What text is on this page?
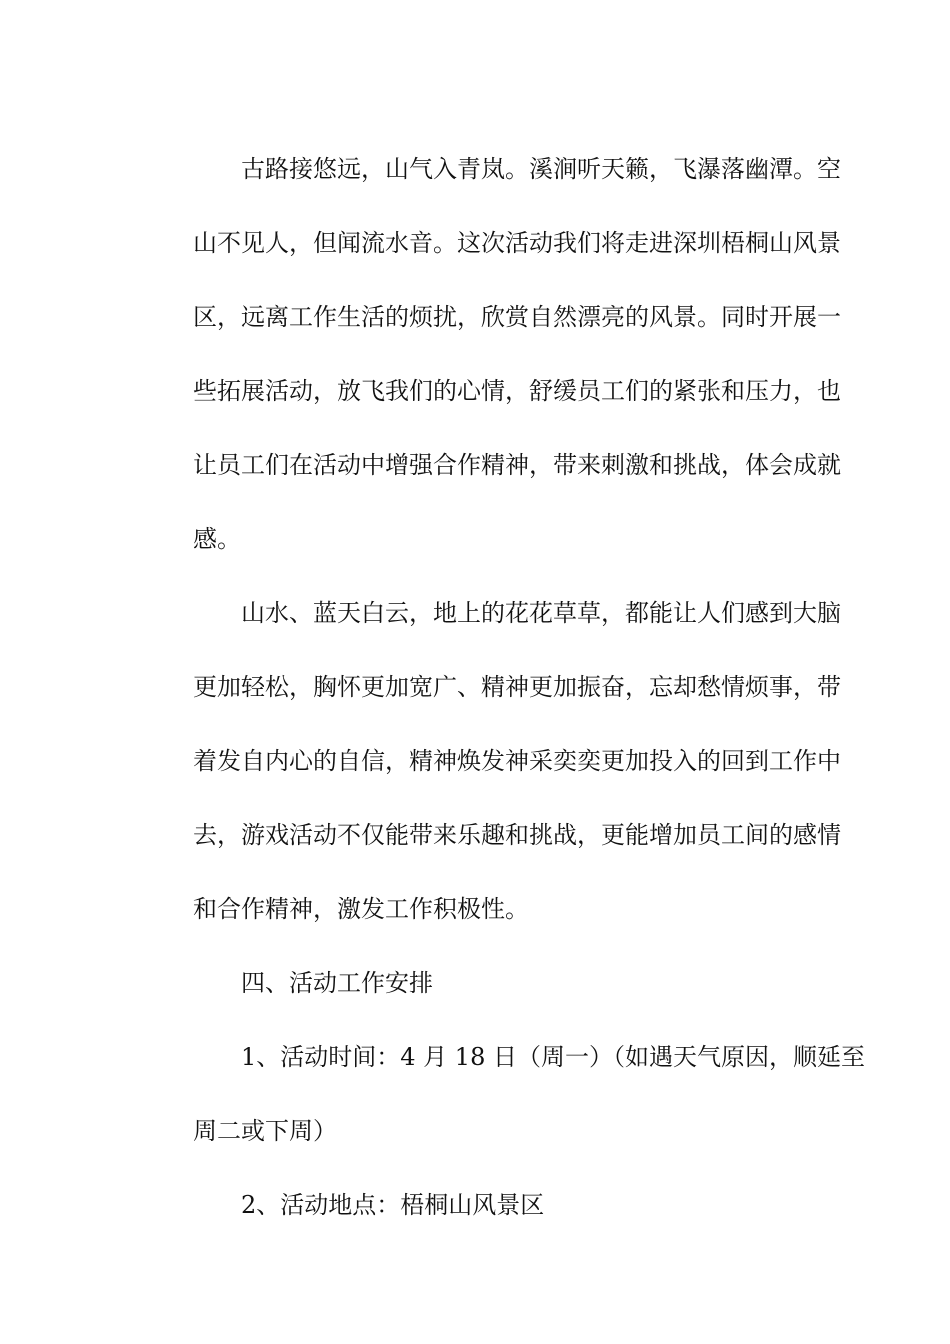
古路接悠远，山气入青岚。溪涧听天籁，飞瀑落幽潭。空
山不见人，但闻流水音。这次活动我们将走进深圳梧桐山风景
区，远离工作生活的烦扰，欣赏自然漂亮的风景。同时开展一
些拓展活动，放飞我们的心情，舒缓员工们的紧张和压力，也
让员工们在活动中增强合作精神，带来刺激和挑战，体会成就
感。
山水、蓝天白云，地上的花花草草，都能让人们感到大脑
更加轻松，胸怀更加宽广、精神更加振奋，忘却愁情烦事，带
着发自内心的自信，精神焕发神采奕奕更加投入的回到工作中
去，游戏活动不仅能带来乐趣和挑战，更能增加员工间的感情
和合作精神，激发工作积极性。
四、活动工作安排
1、活动时间：4 月 18 日（周一）（如遇天气原因，顺延至
周二或下周）
2、活动地点：梧桐山风景区
